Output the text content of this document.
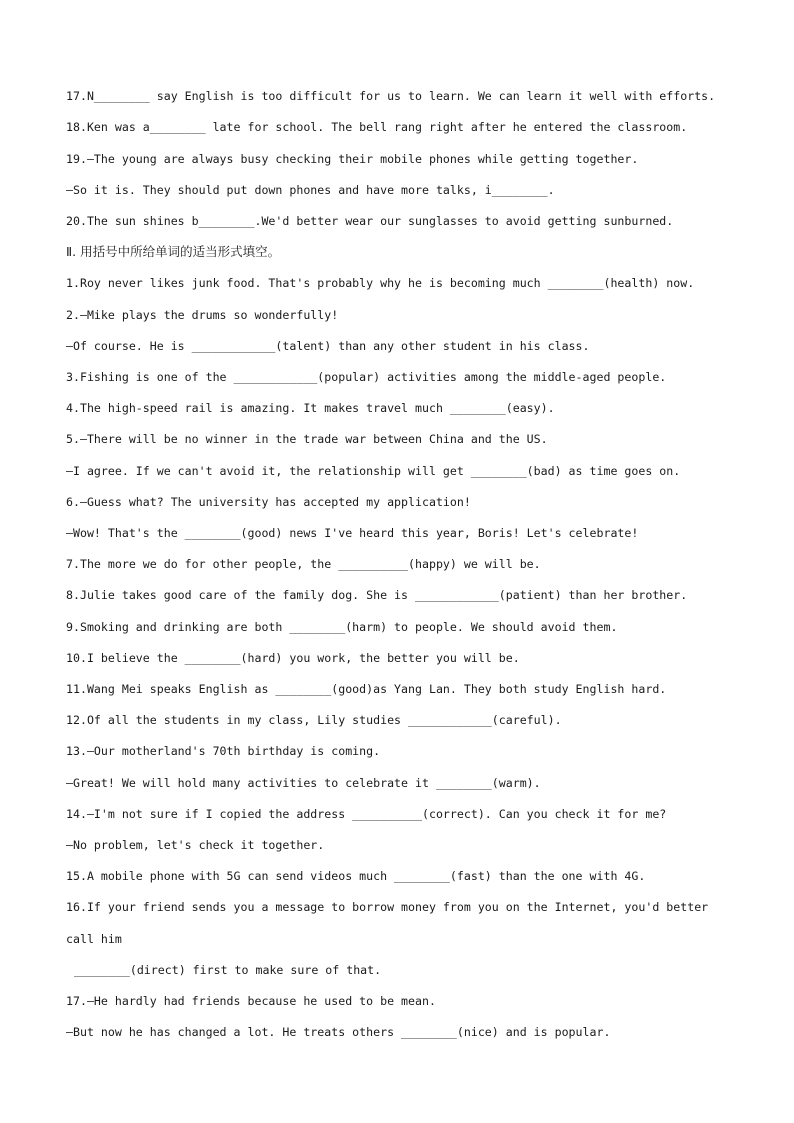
17.N________ say English is too difficult for us to learn. We can learn it well with efforts.
18.Ken was a________ late for school. The bell rang right after he entered the classroom.
19.—The young are always busy checking their mobile phones while getting together.
—So it is. They should put down phones and have more talks, i________.
20.The sun shines b________.We'd better wear our sunglasses to avoid getting sunburned.
Ⅱ. 用括号中所给单词的适当形式填空。
1.Roy never likes junk food. That's probably why he is becoming much ________(health) now.
2.—Mike plays the drums so wonderfully!
—Of course. He is ____________(talent) than any other student in his class.
3.Fishing is one of the ____________(popular) activities among the middle-aged people.
4.The high-speed rail is amazing. It makes travel much ________(easy).
5.—There will be no winner in the trade war between China and the US.
—I agree. If we can't avoid it, the relationship will get ________(bad) as time goes on.
6.—Guess what? The university has accepted my application!
—Wow! That's the ________(good) news I've heard this year, Boris! Let's celebrate!
7.The more we do for other people, the __________(happy) we will be.
8.Julie takes good care of the family dog. She is ____________(patient) than her brother.
9.Smoking and drinking are both ________(harm) to people. We should avoid them.
10.I believe the ________(hard) you work, the better you will be.
11.Wang Mei speaks English as ________(good)as Yang Lan. They both study English hard.
12.Of all the students in my class, Lily studies ____________(careful).
13.—Our motherland's 70th birthday is coming.
—Great! We will hold many activities to celebrate it ________(warm).
14.—I'm not sure if I copied the address __________(correct). Can you check it for me?
—No problem, let's check it together.
15.A mobile phone with 5G can send videos much ________(fast) than the one with 4G.
16.If your friend sends you a message to borrow money from you on the Internet, you'd better
call him
________(direct) first to make sure of that.
17.—He hardly had friends because he used to be mean.
—But now he has changed a lot. He treats others ________(nice) and is popular.
